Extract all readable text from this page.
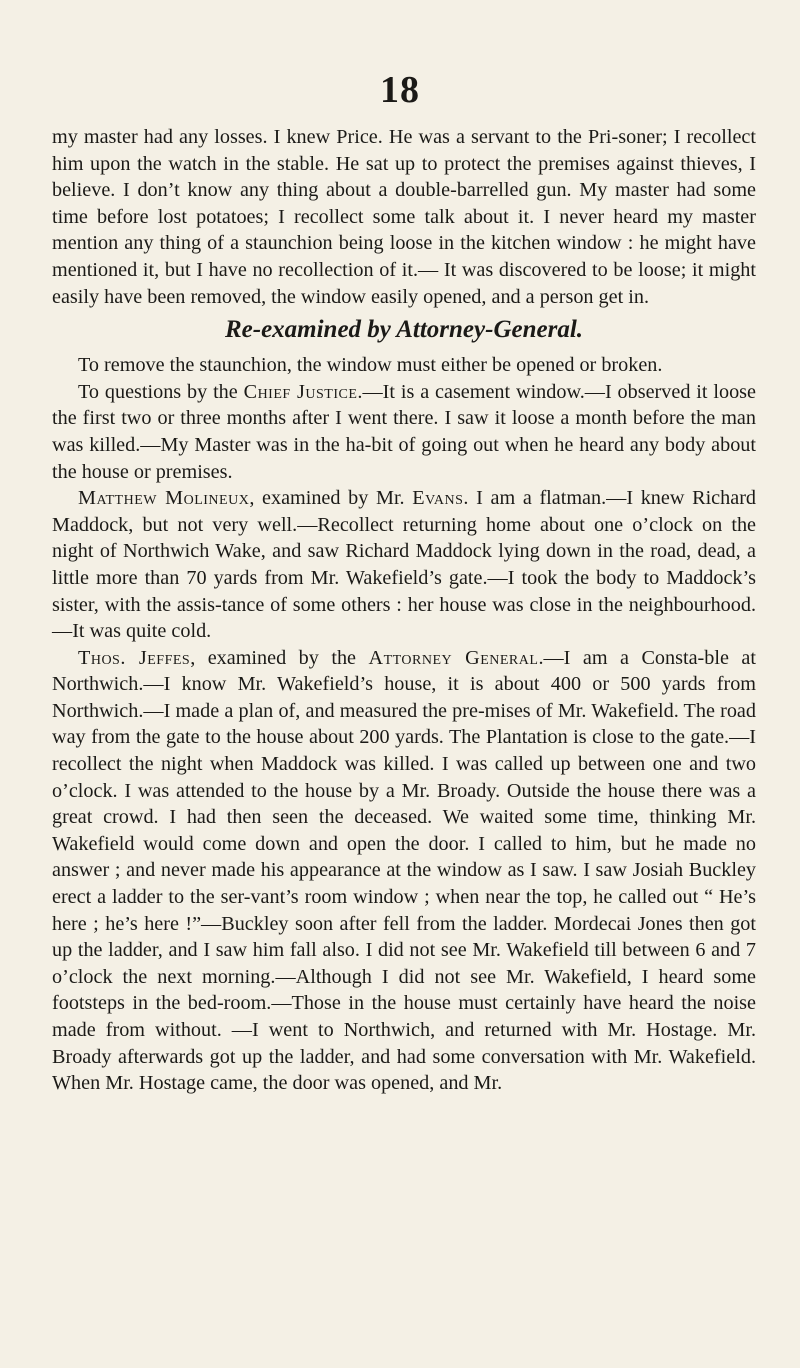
18

my master had any losses. I knew Price. He was a servant to the Pri-soner; I recollect him upon the watch in the stable. He sat up to protect the premises against thieves, I believe. I don’t know any thing about a double-barrelled gun. My master had some time before lost potatoes; I recollect some talk about it. I never heard my master mention any thing of a staunchion being loose in the kitchen window : he might have mentioned it, but I have no recollection of it.— It was discovered to be loose; it might easily have been removed, the window easily opened, and a person get in.

Re-examined by Attorney-General.

To remove the staunchion, the window must either be opened or broken.

To questions by the Chief Justice.—It is a casement window.—I observed it loose the first two or three months after I went there. I saw it loose a month before the man was killed.—My Master was in the ha-bit of going out when he heard any body about the house or premises.

Matthew Molineux, examined by Mr. Evans. I am a flatman.—I knew Richard Maddock, but not very well.—Recollect returning home about one o’clock on the night of Northwich Wake, and saw Richard Maddock lying down in the road, dead, a little more than 70 yards from Mr. Wakefield’s gate.—I took the body to Maddock’s sister, with the assis-tance of some others : her house was close in the neighbourhood.—It was quite cold.

Thos. Jeffes, examined by the Attorney General.—I am a Consta-ble at Northwich.—I know Mr. Wakefield’s house, it is about 400 or 500 yards from Northwich.—I made a plan of, and measured the pre-mises of Mr. Wakefield. The road way from the gate to the house about 200 yards. The Plantation is close to the gate.—I recollect the night when Maddock was killed. I was called up between one and two o’clock. I was attended to the house by a Mr. Broady. Outside the house there was a great crowd. I had then seen the deceased. We waited some time, thinking Mr. Wakefield would come down and open the door. I called to him, but he made no answer ; and never made his appearance at the window as I saw. I saw Josiah Buckley erect a ladder to the ser-vant’s room window ; when near the top, he called out “ He’s here ; he’s here !”—Buckley soon after fell from the ladder. Mordecai Jones then got up the ladder, and I saw him fall also. I did not see Mr. Wakefield till between 6 and 7 o’clock the next morning.—Although I did not see Mr. Wakefield, I heard some footsteps in the bed-room.—Those in the house must certainly have heard the noise made from without. —I went to Northwich, and returned with Mr. Hostage. Mr. Broady afterwards got up the ladder, and had some conversation with Mr. Wakefield. When Mr. Hostage came, the door was opened, and Mr.
